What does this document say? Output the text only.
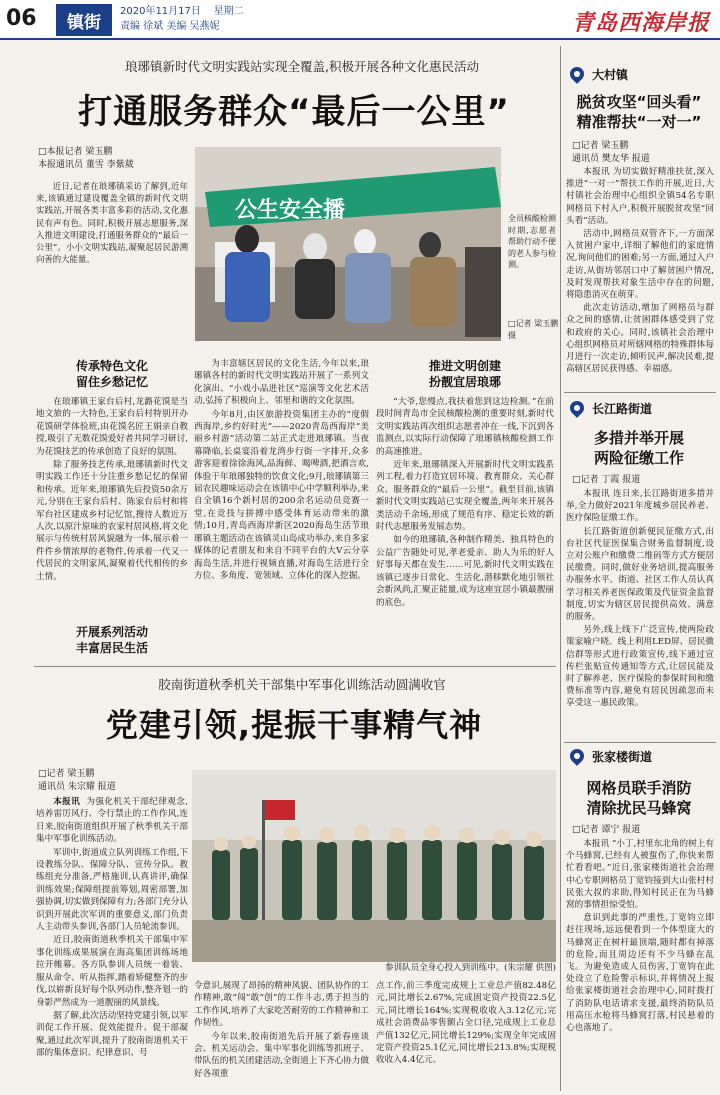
06	镇街
2020年11月17日 星期二
责编 徐斌 美编 吴燕妮	青岛西海岸报
琅琊镇新时代文明实践站实现全覆盖,积极开展各种文化惠民活动
打通服务群众“最后一公里”
□本报记者 梁玉鹏
本报通讯员 董雪 李紫葳

近日,记者在琅琊镇采访了解到,近年来,该镇通过建设覆盖全镇的新时代文明实践站,开展各类丰富多彩的活动,文化惠民有声有色。同时,积极开展志愿服务,深入推进文明建设,打通服务群众的“最后一公里”。小小文明实践站,凝聚起居民游溯向善的大能量。

公生安全播	全员核酸检测时期,志愿者帮助行动不便的老人参与检测。
□记者 梁玉鹏 摄
传承特色文化
留住乡愁记忆

在琅琊镇王家台后村,龙潞花馍是当地文旅的一大特色,王家台后村特别开办花馍研学体验班,由花馍名匠王娟亲自教授,吸引了无数花馍爱好者共同学习研讨,为花馍技艺的传承创造了良好的氛围。

除了服务技艺传承,琅琊镇新时代文明实践工作还十分注重乡愁记忆的保留和传承。近年来,琅琊镇先后投资50余万元,分别在王家台后村、陈家台后村和将军台社区建成乡村记忆馆,搜待人数近万人次,以原汁原味的农家村居风格,将文化展示与传统村居风貌融为一体,展示着一件件乡情浓厚的老物件,传承着一代又一代居民的文明家风,凝聚着代代相传的乡土情。

开展系列活动
丰富居民生活

为丰富辖区居民的文化生活,今年以来,琅琊镇各村的新时代文明实践站开展了一系列文化演出、“小戏小品进社区”巡演等文化艺术活动,弘扬了积极向上、邻里和谐的文化氛围。

今年8月,由区旅游投资集团主办的“度假西海岸,乡约好时光”——2020青岛西海岸“美丽乡村游”活动第二站正式走进琅琊镇。当夜幕降临,长桌宴沿着龙湾步行街一字排开,众多游客迎着徐徐海风,品海鲜、喝啤酒,把酒言欢,体验干年琅琊独特的饮食文化;9月,琅琊镇第三届农民趣味运动会在该镇中心中学顺利举办,来自全镇16个新村居的200余名运动员竞赛一堂,在竞技与拼搏中感受体育运动带来的激情;10月,青岛西海岸新区2020海岛生活节琅琊镇主题活动在该镇灵山岛成功举办,来自多家媒体的记者朋友和来自不同平台的大V云分享海岛生活,并进行视频直播,对海岛生活进行全方位、多角度、宽领域、立体化的深入挖掘。

推进文明创建
扮靓宜居琅琊

“大爷,您慢点,我扶着您到这边检测。”在前段时间青岛市全民核酸检测的重要时刻,新时代文明实践站再次组织志愿者冲在一线,下沉到各监测点,以实际行动保障了琅琊镇核酸检测工作的高速推进。

近年来,琅琊镇深入开展新时代文明实践系列工程,着力打造宜居环境、教育群众、关心群众、服务群众的“最后一公里”。截至目前,该镇新时代文明实践站已实现全覆盖,两年来开展各类活动千余场,形成了规范有序、稳定长效的新时代志愿服务发展态势。

如今的琅琊镇,各种制作精美、独具特色的公益广告随处可见,孝老爱亲、助人为乐的好人好事每天都在发生……可见,新时代文明实践在该镇已逐步日常化、生活化,潜移默化地引领社会新风尚,汇聚正能量,成为这座宜居小镇最靓丽的底色。

胶南街道秋季机关干部集中军事化训练活动圆满收官
党建引领,提振干事精气神
□记者 梁玉鹏
通讯员 朱宗耀 报道

本报讯 为强化机关干部纪律观念,培养雷厉风行、令行禁止的工作作风,连日来,胶南街道组织开展了秋季机关干部集中军事化训练活动。

军训中,街道成立队列训练工作组,下设教练分队、保障分队、宣传分队。教练组充分准备,严格施训,认真讲评,确保训练效果;保障组提前筹划,周密部署,加强协调,切实做到保障有力;各部门充分认识到开展此次军训的重要意义,部门负责人主动带头参训,各部门人员轮流参训。

近日,胶南街道秋季机关干部集中军事化训练成果展演在海高集团训练场地拉开帷幕。各方队参训人员统一着装、服从命令、听从指挥,踏着矫健整齐的步伐,以崭新良好每个队列动作,整齐划一的身影严然成为一道靓丽的风景线。

据了解,此次活动坚持党建引领,以军训促工作开展、促效能提升、促干部凝聚,通过此次军训,提升了胶南街道机关干部的集体意识、纪律意识、号

参训队员全身心投入到训练中。(朱宗耀 供图)

令意识,展现了昂扬的精神风貌、团队协作的工作精神,敢“闯”敢“创”的工作斗志,勇于担当的工作作风,培养了大家吃苦耐劳的工作精神和工作韧性。

今年以来,胶南街道先后开展了新春座谈会、机关运动会、集中军事化训练等抓班子、带队伍的机关团建活动,全街道上下齐心协力做好各项重

点工作,前三季度完成规上工业总产值82.48亿元,同比增长2.67%,完成固定资产投资22.5亿元,同比增长164%;实现税收收入3.12亿元;完成社会消费品零售额占全口径,完成规上工业总产值132亿元,同比增长129%;实现全年完成固定资产投资25.1亿元,同比增长213.8%;实现税收收入4.4亿元。

大村镇
脱贫攻坚“回头看”
精准帮扶“一对一”
□记者 梁玉鹏
通讯员 樊友华 报道

本报讯 为切实做好精准扶贫,深入推进“一对一”帮扶工作的开展,近日,大村镇社会治理中心组织全镇54名专职网格员下村入户,积极开展脱贫攻坚“回头看”活动。

活动中,网格员双管齐下,一方面深入贫困户家中,详细了解他们的家庭情况,询问他们的困难;另一方面,通过入户走访,从街坊邻居口中了解贫困户情况,及时发现帮扶对象生活中存在的问题,将隐患消灭在萌芽。

此次走访活动,增加了网格员与群众之间的感情,让贫困群体感受到了党和政府的关心。同时,该镇社会治理中心组织网格员对所辖网格的特殊群体每月进行一次走访,倾听民声,解决民难,提高辖区居民获得感、幸福感。

长江路街道
多措并举开展
两险征缴工作
□记者 丁霞 报道

本报讯 连日来,长江路街道多措并举,全力做好2021年度城乡居民养老、医疗保险征缴工作。

长江路街道创新便民征缴方式,出台社区代征医保集合财务监督制度,设立对公账户和缴费二维码等方式方便居民缴费。同时,做好业务培训,提高服务办服务水平。街道、社区工作人员认真学习相关养老医保政策及代征资金监督制度,切实为辖区居民提供高效、满意的服务。

另外,线上线下广泛宣传,使两险政策家喻户晓。线上利用LED屏、居民微信群等形式进行政策宣传,线下通过宣传栏张贴宣传通知等方式,让居民能及时了解养老、医疗保险的参保时间和缴费标准等内容,避免有居民因疏忽而未享受这一惠民政策。

张家楼街道
网格员联手消防
清除扰民马蜂窝
□记者 谭宁 报道

本报讯 “小丁,村里东北角的树上有个马蜂窝,已经有人被蜇伤了,你快来帮忙看看吧。”近日,张家楼街道社会治理中心专职网格员丁宽钧接到大山张村村民张大叔的求助,得知村民正在为马蜂窝的事情担惊受怕。

意识到此事的严重性,丁宽钧立即赶往现场,远远便看到一个体型庞大的马蜂窝正在树杆最顶端,随时都有掉落的危险,而且周边还有不少马蜂在乱飞。为避免造成人员伤害,丁宽钧在此处设立了危险警示标识,并将情况上报给张家楼街道社会治理中心,同时拨打了消防队电话请求支援,最终消防队员用高压水枪将马蜂窝打落,村民悬着的心也落地了。
